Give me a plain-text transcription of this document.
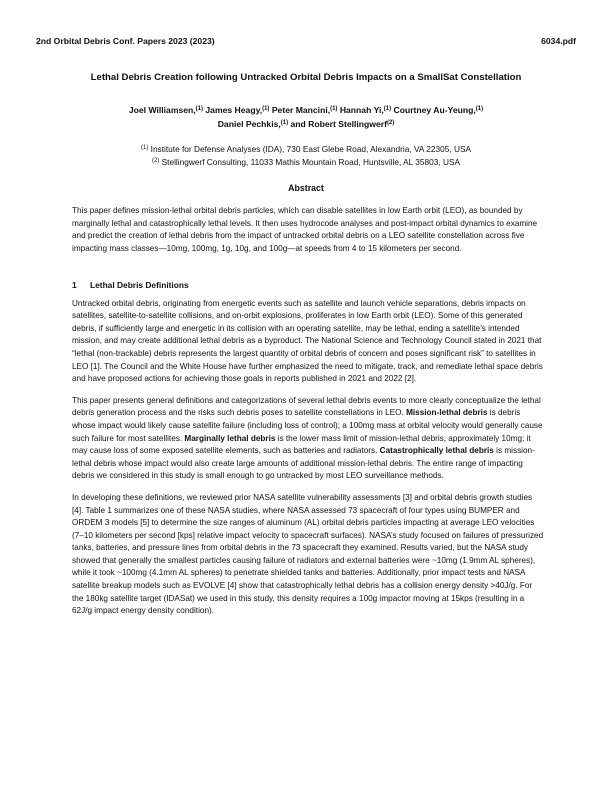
2nd Orbital Debris Conf. Papers 2023 (2023)	6034.pdf
Lethal Debris Creation following Untracked Orbital Debris Impacts on a SmallSat Constellation
Joel Williamsen,$^{(1)}$ James Heagy,$^{(1)}$ Peter Mancini,$^{(1)}$ Hannah Yi,$^{(1)}$ Courtney Au-Yeung,$^{(1)}$
Daniel Pechkis,$^{(1)}$ and Robert Stellingwerf$^{(2)}$
$^{(1)}$ Institute for Defense Analyses (IDA), 730 East Glebe Road, Alexandria, VA 22305, USA
$^{(2)}$ Stellingwerf Consulting, 11033 Mathis Mountain Road, Huntsville, AL 35803, USA
Abstract

This paper defines mission-lethal orbital debris particles, which can disable satellites in low Earth orbit (LEO), as bounded by marginally lethal and catastrophically lethal levels. It then uses hydrocode analyses and post-impact orbital dynamics to examine and predict the creation of lethal debris from the impact of untracked orbital debris on a LEO satellite constellation across five impacting mass classes—10mg, 100mg, 1g, 10g, and 100g—at speeds from 4 to 15 kilometers per second.

1 Lethal Debris Definitions

Untracked orbital debris, originating from energetic events such as satellite and launch vehicle separations, debris impacts on satellites, satellite-to-satellite collisions, and on-orbit explosions, proliferates in low Earth orbit (LEO). Some of this generated debris, if sufficiently large and energetic in its collision with an operating satellite, may be lethal, ending a satellite’s intended mission, and may create additional lethal debris as a byproduct. The National Science and Technology Council stated in 2021 that “lethal (non-trackable) debris represents the largest quantity of orbital debris of concern and poses significant risk” to satellites in LEO [1]. The Council and the White House have further emphasized the need to mitigate, track, and remediate lethal space debris and have proposed actions for achieving those goals in reports published in 2021 and 2022 [2].

This paper presents general definitions and categorizations of several lethal debris events to more clearly conceptualize the lethal debris generation process and the risks such debris poses to satellite constellations in LEO. Mission-lethal debris is debris whose impact would likely cause satellite failure (including loss of control); a 100mg mass at orbital velocity would generally cause such failure for most satellites. Marginally lethal debris is the lower mass limit of mission-lethal debris, approximately 10mg; it may cause loss of some exposed satellite elements, such as batteries and radiators. Catastrophically lethal debris is mission-lethal debris whose impact would also create large amounts of additional mission-lethal debris. The entire range of impacting debris we considered in this study is small enough to go untracked by most LEO surveillance methods.

In developing these definitions, we reviewed prior NASA satellite vulnerability assessments [3] and orbital debris growth studies [4]. Table 1 summarizes one of these NASA studies, where NASA assessed 73 spacecraft of four types using BUMPER and ORDEM 3 models [5] to determine the size ranges of aluminum (AL) orbital debris particles impacting at average LEO velocities (7–10 kilometers per second [kps] relative impact velocity to spacecraft surfaces). NASA’s study focused on failures of pressurized tanks, batteries, and pressure lines from orbital debris in the 73 spacecraft they examined. Results varied, but the NASA study showed that generally the smallest particles causing failure of radiators and external batteries were ~10mg (1.9mm AL spheres), while it took ~100mg (4.1mm AL spheres) to penetrate shielded tanks and batteries. Additionally, prior impact tests and NASA satellite breakup models such as EVOLVE [4] show that catastrophically lethal debris has a collision energy density >40J/g. For the 180kg satellite target (IDASat) we used in this study, this density requires a 100g impactor moving at 15kps (resulting in a 62J/g impact energy density condition).
